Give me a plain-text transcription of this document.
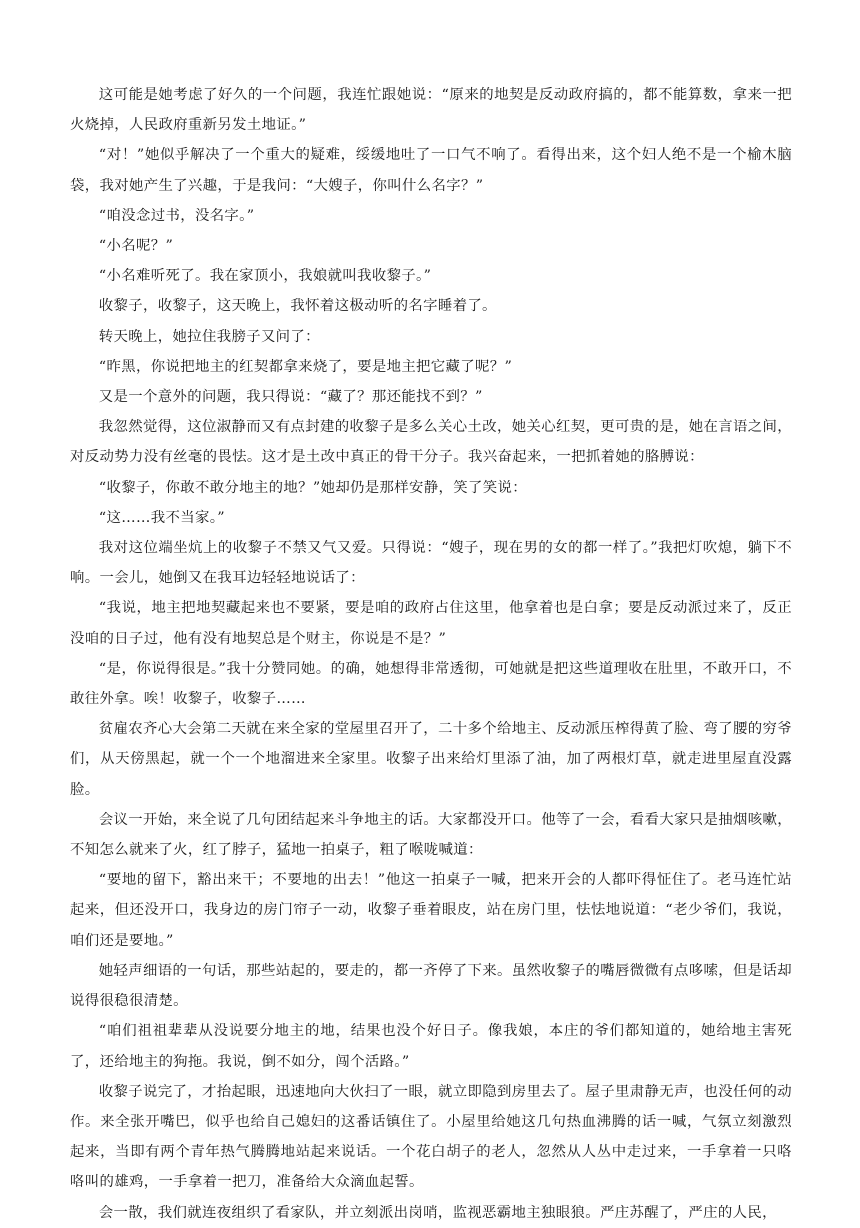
这可能是她考虑了好久的一个问题，我连忙跟她说：“原来的地契是反动政府搞的，都不能算数，拿来一把火烧掉，人民政府重新另发土地证。”

“对！”她似乎解决了一个重大的疑难，绥缓地吐了一口气不响了。看得出来，这个妇人绝不是一个榆木脑袋，我对她产生了兴趣，于是我问：“大嫂子，你叫什么名字？”

“咱没念过书，没名字。”

“小名呢？”

“小名难听死了。我在家顶小，我娘就叫我收黎子。”

收黎子，收黎子，这天晚上，我怀着这极动听的名字睡着了。

转天晚上，她拉住我膀子又问了：

“昨黑，你说把地主的红契都拿来烧了，要是地主把它藏了呢？”

又是一个意外的问题，我只得说：“藏了？那还能找不到？”

我忽然觉得，这位淑静而又有点封建的收黎子是多么关心土改，她关心红契，更可贵的是，她在言语之间，对反动势力没有丝毫的畏怯。这才是土改中真正的骨干分子。我兴奋起来，一把抓着她的胳膊说：

“收黎子，你敢不敢分地主的地？”她却仍是那样安静，笑了笑说：

“这……我不当家。”

我对这位端坐炕上的收黎子不禁又气又爱。只得说：“嫂子，现在男的女的都一样了。”我把灯吹熄，躺下不响。一会儿，她倒又在我耳边轻轻地说话了：

“我说，地主把地契藏起来也不要紧，要是咱的政府占住这里，他拿着也是白拿；要是反动派过来了，反正没咱的日子过，他有没有地契总是个财主，你说是不是？”

“是，你说得很是。”我十分赞同她。的确，她想得非常透彻，可她就是把这些道理收在肚里，不敢开口，不敢往外拿。唉！收黎子，收黎子……

贫雇农齐心大会第二天就在来全家的堂屋里召开了，二十多个给地主、反动派压榨得黄了脸、弯了腰的穷爷们，从天傍黑起，就一个一个地溜进来全家里。收黎子出来给灯里添了油，加了两根灯草，就走进里屋直没露脸。

会议一开始，来全说了几句团结起来斗争地主的话。大家都没开口。他等了一会，看看大家只是抽烟咳嗽，不知怎么就来了火，红了脖子，猛地一拍桌子，粗了喉咙喊道：

“要地的留下，豁出来干；不要地的出去！”他这一拍桌子一喊，把来开会的人都吓得怔住了。老马连忙站起来，但还没开口，我身边的房门帘子一动，收黎子垂着眼皮，站在房门里，怯怯地说道：“老少爷们，我说，咱们还是要地。”

她轻声细语的一句话，那些站起的，要走的，都一齐停了下来。虽然收黎子的嘴唇微微有点哆嗦，但是话却说得很稳很清楚。

“咱们祖祖辈辈从没说要分地主的地，结果也没个好日子。像我娘，本庄的爷们都知道的，她给地主害死了，还给地主的狗拖。我说，倒不如分，闯个活路。”

收黎子说完了，才抬起眼，迅速地向大伙扫了一眼，就立即隐到房里去了。屋子里肃静无声，也没任何的动作。来全张开嘴巴，似乎也给自己媳妇的这番话镇住了。小屋里给她这几句热血沸腾的话一喊，气氛立刻激烈起来，当即有两个青年热气腾腾地站起来说话。一个花白胡子的老人，忽然从人丛中走过来，一手拿着一只咯咯叫的雄鸡，一手拿着一把刀，准备给大众滴血起誓。

会一散，我们就连夜组织了看家队，并立刻派出岗哨，监视恶霸地主独眼狼。严庄苏醒了，严庄的人民，
